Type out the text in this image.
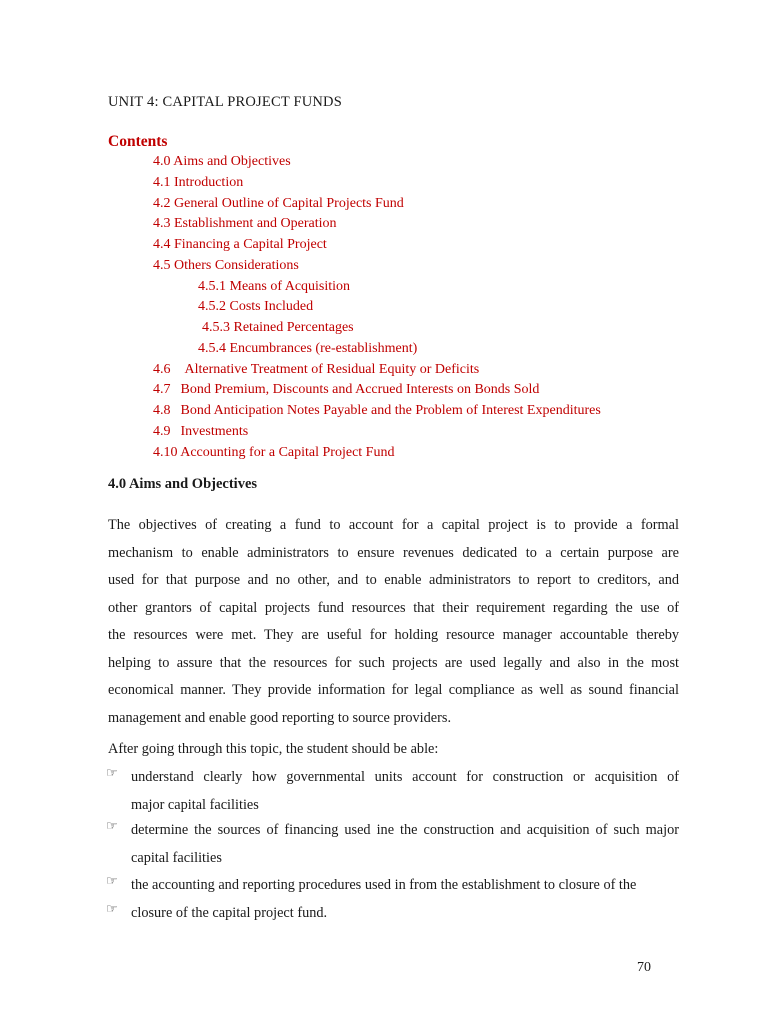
UNIT 4: CAPITAL PROJECT FUNDS
Contents
4.0 Aims and Objectives
4.1 Introduction
4.2 General Outline of Capital Projects Fund
4.3 Establishment and Operation
4.4 Financing a Capital Project
4.5 Others Considerations
4.5.1 Means of Acquisition
4.5.2 Costs Included
4.5.3 Retained Percentages
4.5.4 Encumbrances (re-establishment)
4.6 Alternative Treatment of Residual Equity or Deficits
4.7 Bond Premium, Discounts and Accrued Interests on Bonds Sold
4.8 Bond Anticipation Notes Payable and the Problem of Interest Expenditures
4.9 Investments
4.10 Accounting for a Capital Project Fund
4.0 Aims and Objectives
The objectives of creating a fund to account for a capital project is to provide a formal
mechanism to enable administrators to ensure revenues dedicated to a certain purpose are
used for that purpose and no other, and to enable administrators to report to creditors, and
other grantors of capital projects fund resources that their requirement regarding the use of
the resources were met. They are useful for holding resource manager accountable thereby
helping to assure that the resources for such projects are used legally and also in the most
economical manner. They provide information for legal compliance as well as sound financial
management and enable good reporting to source providers.
After going through this topic, the student should be able:
☞ understand clearly how governmental units account for construction or acquisition of
major capital facilities
☞ determine the sources of financing used ine the construction and acquisition of such major
capital facilities
☞ the accounting and reporting procedures used in from the establishment to closure of the
☞ closure of the capital project fund.
70
